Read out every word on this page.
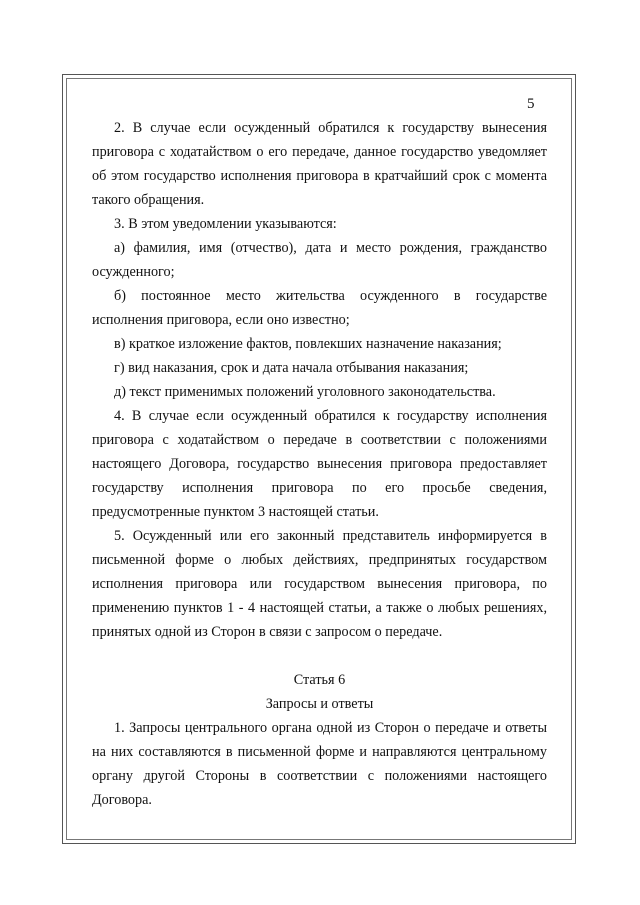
5

2. В случае если осужденный обратился к государству вынесения приговора с ходатайством о его передаче, данное государство уведомляет об этом государство исполнения приговора в кратчайший срок с момента такого обращения.

3. В этом уведомлении указываются:

а) фамилия, имя (отчество), дата и место рождения, гражданство осужденного;

б) постоянное место жительства осужденного в государстве исполнения приговора, если оно известно;

в) краткое изложение фактов, повлекших назначение наказания;

г) вид наказания, срок и дата начала отбывания наказания;

д) текст применимых положений уголовного законодательства.

4. В случае если осужденный обратился к государству исполнения приговора с ходатайством о передаче в соответствии с положениями настоящего Договора, государство вынесения приговора предоставляет государству исполнения приговора по его просьбе сведения, предусмотренные пунктом 3 настоящей статьи.

5. Осужденный или его законный представитель информируется в письменной форме о любых действиях, предпринятых государством исполнения приговора или государством вынесения приговора, по применению пунктов 1 - 4 настоящей статьи, а также о любых решениях, принятых одной из Сторон в связи с запросом о передаче.

Статья 6

Запросы и ответы

1. Запросы центрального органа одной из Сторон о передаче и ответы на них составляются в письменной форме и направляются центральному органу другой Стороны в соответствии с положениями настоящего Договора.
